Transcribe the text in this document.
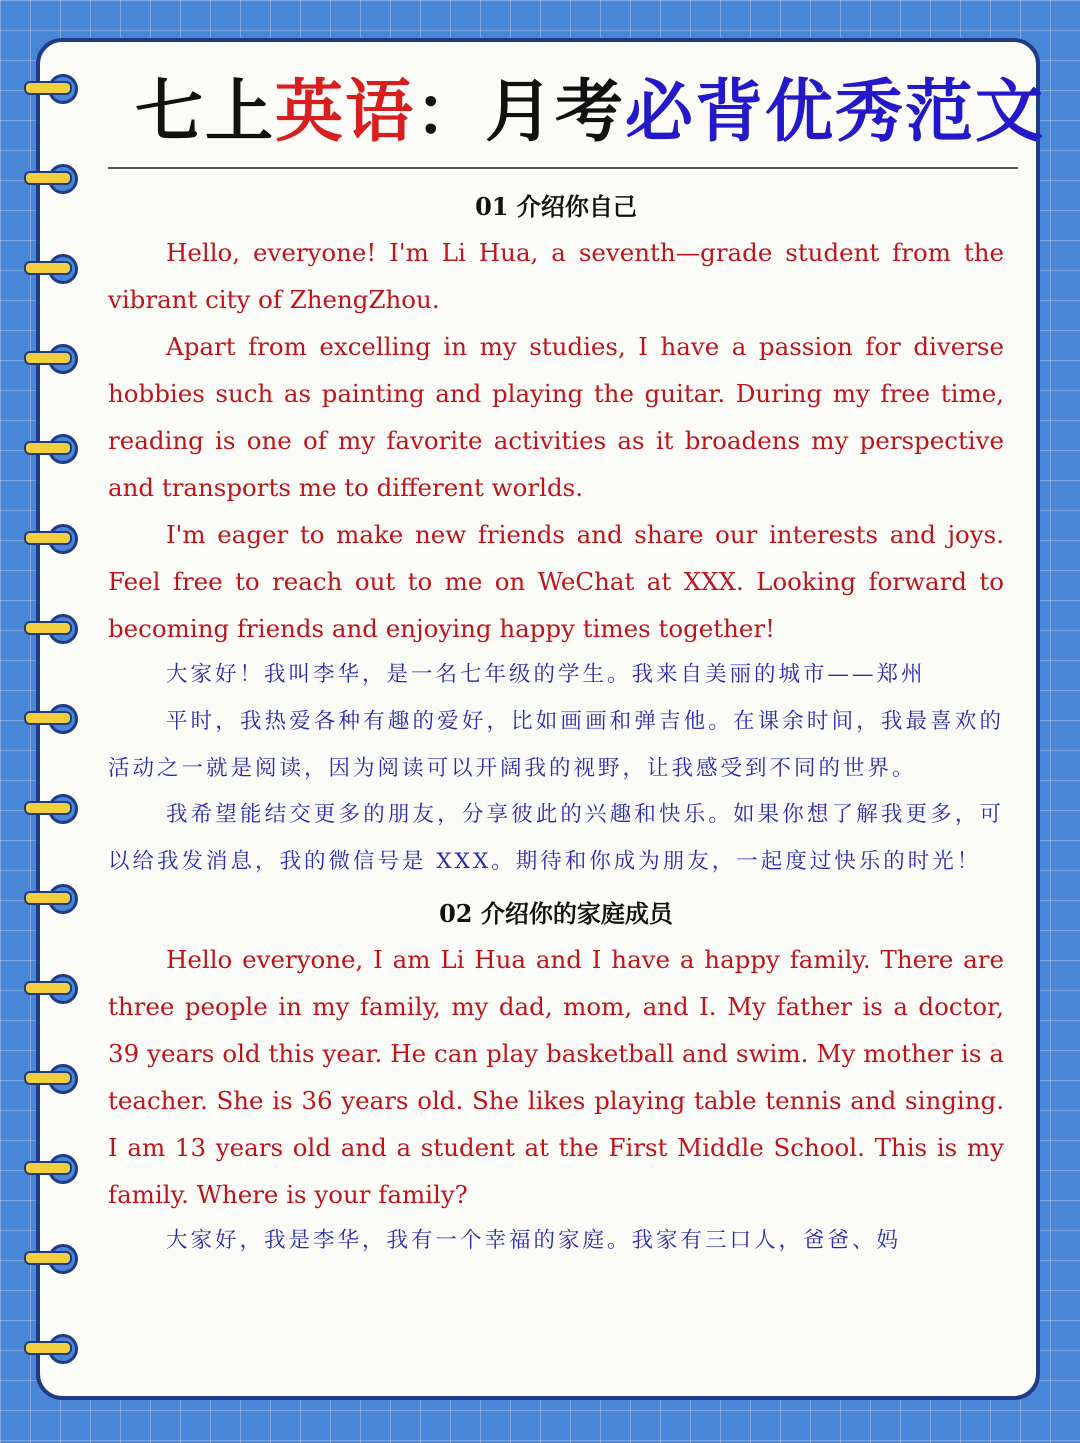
七上英语：月考必背优秀范文
01 介绍你自己

Hello, everyone! I'm Li Hua, a seventh—grade student from the vibrant city of ZhengZhou.

Apart from excelling in my studies, I have a passion for diverse hobbies such as painting and playing the guitar. During my free time, reading is one of my favorite activities as it broadens my perspective and transports me to different worlds.

I'm eager to make new friends and share our interests and joys. Feel free to reach out to me on WeChat at XXX. Looking forward to becoming friends and enjoying happy times together!

大家好！我叫李华，是一名七年级的学生。我来自美丽的城市——郑州

平时，我热爱各种有趣的爱好，比如画画和弹吉他。在课余时间，我最喜欢的活动之一就是阅读，因为阅读可以开阔我的视野，让我感受到不同的世界。

我希望能结交更多的朋友，分享彼此的兴趣和快乐。如果你想了解我更多，可以给我发消息，我的微信号是 XXX。期待和你成为朋友，一起度过快乐的时光！

02 介绍你的家庭成员

Hello everyone, I am Li Hua and I have a happy family. There are three people in my family, my dad, mom, and I. My father is a doctor, 39 years old this year. He can play basketball and swim. My mother is a teacher. She is 36 years old. She likes playing table tennis and singing. I am 13 years old and a student at the First Middle School. This is my family. Where is your family?

大家好，我是李华，我有一个幸福的家庭。我家有三口人，爸爸、妈
